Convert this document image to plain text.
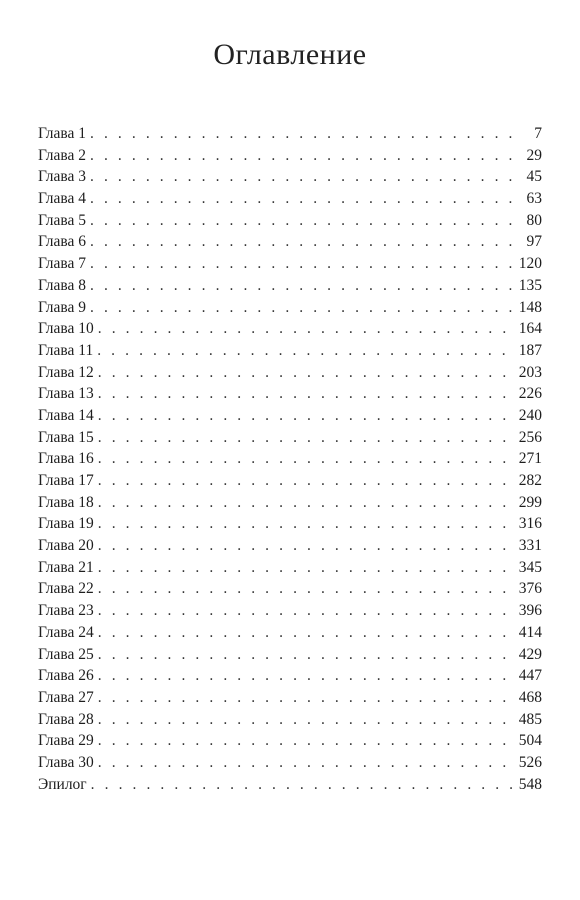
Оглавление
Глава 1 . . .	7
Глава 2 . . .	29
Глава 3 . . .	45
Глава 4 . . .	63
Глава 5 . . .	80
Глава 6 . . .	97
Глава 7 . . .	120
Глава 8 . . .	135
Глава 9 . . .	148
Глава 10 . . .	164
Глава 11 . . .	187
Глава 12 . . .	203
Глава 13 . . .	226
Глава 14 . . .	240
Глава 15 . . .	256
Глава 16 . . .	271
Глава 17 . . .	282
Глава 18 . . .	299
Глава 19 . . .	316
Глава 20 . . .	331
Глава 21 . . .	345
Глава 22 . . .	376
Глава 23 . . .	396
Глава 24 . . .	414
Глава 25 . . .	429
Глава 26 . . .	447
Глава 27 . . .	468
Глава 28 . . .	485
Глава 29 . . .	504
Глава 30 . . .	526
Эпилог . . .	548
